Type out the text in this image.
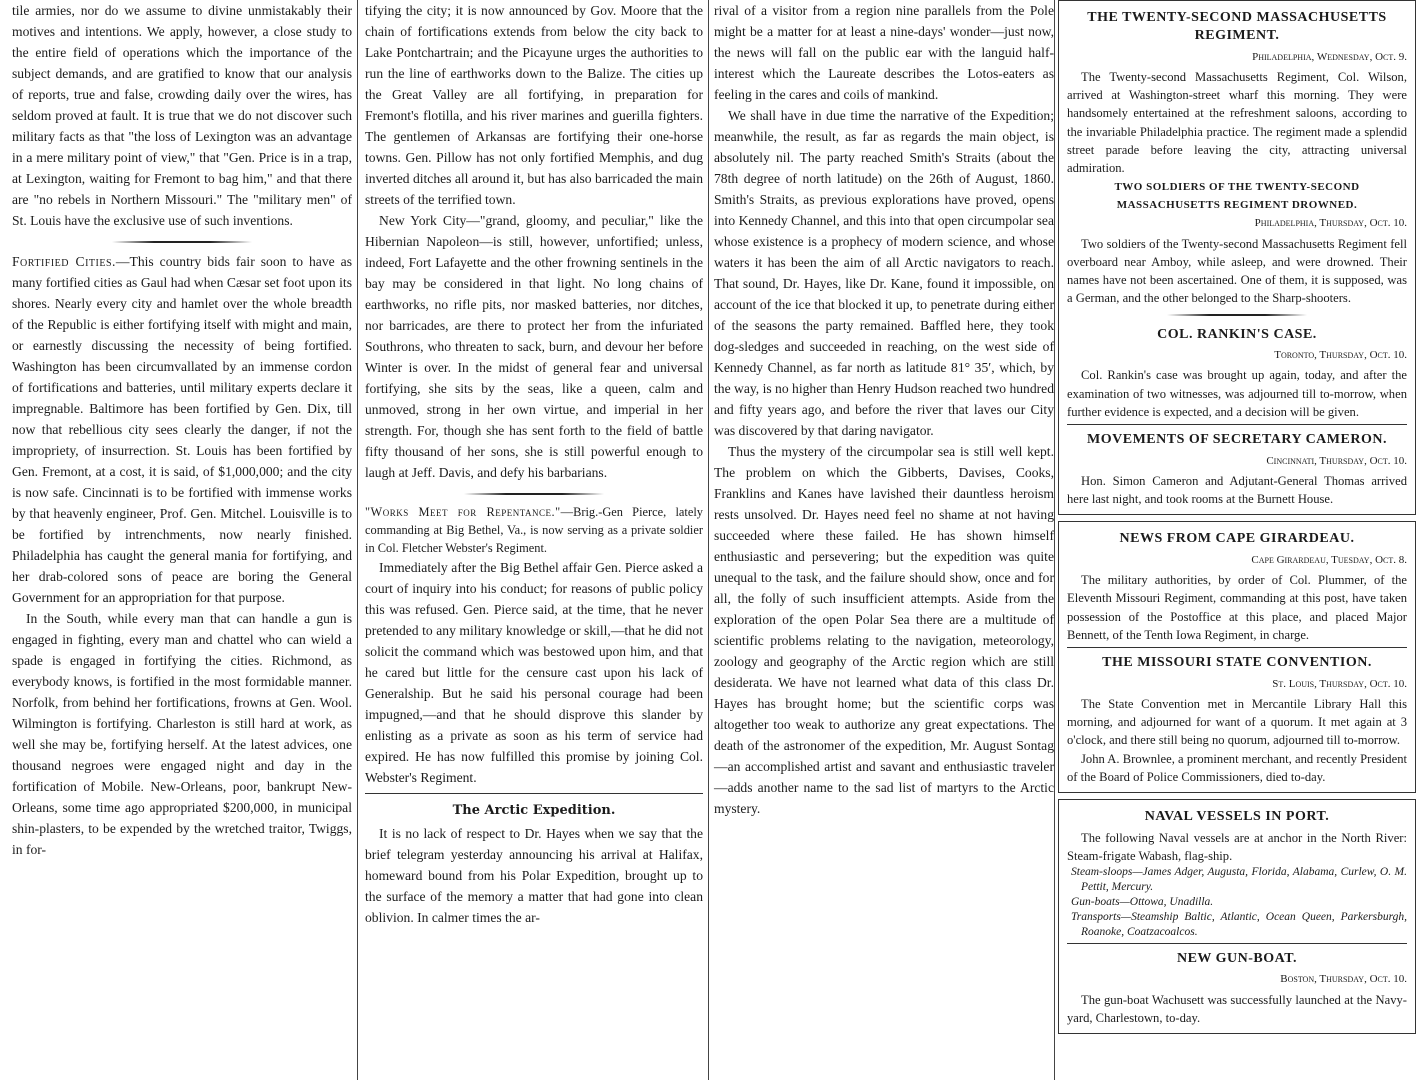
tile armies, nor do we assume to divine unmistakably their motives and intentions. We apply, however, a close study to the entire field of operations which the importance of the subject demands, and are gratified to know that our analysis of reports, true and false, crowding daily over the wires, has seldom proved at fault. It is true that we do not discover such military facts as that "the loss of Lexington was an advantage in a mere military point of view," that "Gen. Price is in a trap, at Lexington, waiting for Fremont to bag him," and that there are "no rebels in Northern Missouri." The "military men" of St. Louis have the exclusive use of such inventions.

Fortified Cities.—This country bids fair soon to have as many fortified cities as Gaul had when Cæsar set foot upon its shores. Nearly every city and hamlet over the whole breadth of the Republic is either fortifying itself with might and main, or earnestly discussing the necessity of being fortified. Washington has been circumvallated by an immense cordon of fortifications and batteries, until military experts declare it impregnable. Baltimore has been fortified by Gen. Dix, till now that rebellious city sees clearly the danger, if not the impropriety, of insurrection. St. Louis has been fortified by Gen. Fremont, at a cost, it is said, of $1,000,000; and the city is now safe. Cincinnati is to be fortified with immense works by that heavenly engineer, Prof. Gen. Mitchel. Louisville is to be fortified by intrenchments, now nearly finished. Philadelphia has caught the general mania for fortifying, and her drab-colored sons of peace are boring the General Government for an appropriation for that purpose.

In the South, while every man that can handle a gun is engaged in fighting, every man and chattel who can wield a spade is engaged in fortifying the cities. Richmond, as everybody knows, is fortified in the most formidable manner. Norfolk, from behind her fortifications, frowns at Gen. Wool. Wilmington is fortifying. Charleston is still hard at work, as well she may be, fortifying herself. At the latest advices, one thousand negroes were engaged night and day in the fortification of Mobile. New-Orleans, poor, bankrupt New-Orleans, some time ago appropriated $200,000, in municipal shin-plasters, to be expended by the wretched traitor, Twiggs, in for-

tifying the city; it is now announced by Gov. Moore that the chain of fortifications extends from below the city back to Lake Pontchartrain; and the Picayune urges the authorities to run the line of earthworks down to the Balize. The cities up the Great Valley are all fortifying, in preparation for Fremont's flotilla, and his river marines and guerilla fighters. The gentlemen of Arkansas are fortifying their one-horse towns. Gen. Pillow has not only fortified Memphis, and dug inverted ditches all around it, but has also barricaded the main streets of the terrified town.

New York City—"grand, gloomy, and peculiar," like the Hibernian Napoleon—is still, however, unfortified; unless, indeed, Fort Lafayette and the other frowning sentinels in the bay may be considered in that light. No long chains of earthworks, no rifle pits, nor masked batteries, nor ditches, nor barricades, are there to protect her from the infuriated Southrons, who threaten to sack, burn, and devour her before Winter is over. In the midst of general fear and universal fortifying, she sits by the seas, like a queen, calm and unmoved, strong in her own virtue, and imperial in her strength. For, though she has sent forth to the field of battle fifty thousand of her sons, she is still powerful enough to laugh at Jeff. Davis, and defy his barbarians.

"Works Meet for Repentance."—Brig.-Gen Pierce, lately commanding at Big Bethel, Va., is now serving as a private soldier in Col. Fletcher Webster's Regiment.

Immediately after the Big Bethel affair Gen. Pierce asked a court of inquiry into his conduct; for reasons of public policy this was refused. Gen. Pierce said, at the time, that he never pretended to any military knowledge or skill,—that he did not solicit the command which was bestowed upon him, and that he cared but little for the censure cast upon his lack of Generalship. But he said his personal courage had been impugned,—and that he should disprove this slander by enlisting as a private as soon as his term of service had expired. He has now fulfilled this promise by joining Col. Webster's Regiment.

The Arctic Expedition.

It is no lack of respect to Dr. Hayes when we say that the brief telegram yesterday announcing his arrival at Halifax, homeward bound from his Polar Expedition, brought up to the surface of the memory a matter that had gone into clean oblivion. In calmer times the ar-

rival of a visitor from a region nine parallels from the Pole might be a matter for at least a nine-days' wonder—just now, the news will fall on the public ear with the languid half-interest which the Laureate describes the Lotos-eaters as feeling in the cares and coils of mankind.

We shall have in due time the narrative of the Expedition; meanwhile, the result, as far as regards the main object, is absolutely nil. The party reached Smith's Straits (about the 78th degree of north latitude) on the 26th of August, 1860. Smith's Straits, as previous explorations have proved, opens into Kennedy Channel, and this into that open circumpolar sea whose existence is a prophecy of modern science, and whose waters it has been the aim of all Arctic navigators to reach. That sound, Dr. Hayes, like Dr. Kane, found it impossible, on account of the ice that blocked it up, to penetrate during either of the seasons the party remained. Baffled here, they took dog-sledges and succeeded in reaching, on the west side of Kennedy Channel, as far north as latitude 81° 35′, which, by the way, is no higher than Henry Hudson reached two hundred and fifty years ago, and before the river that laves our City was discovered by that daring navigator.

Thus the mystery of the circumpolar sea is still well kept. The problem on which the Gibberts, Davises, Cooks, Franklins and Kanes have lavished their dauntless heroism rests unsolved. Dr. Hayes need feel no shame at not having succeeded where these failed. He has shown himself enthusiastic and persevering; but the expedition was quite unequal to the task, and the failure should show, once and for all, the folly of such insufficient attempts. Aside from the exploration of the open Polar Sea there are a multitude of scientific problems relating to the navigation, meteorology, zoology and geography of the Arctic region which are still desiderata. We have not learned what data of this class Dr. Hayes has brought home; but the scientific corps was altogether too weak to authorize any great expectations. The death of the astronomer of the expedition, Mr. August Sontag—an accomplished artist and savant and enthusiastic traveler—adds another name to the sad list of martyrs to the Arctic mystery.

THE TWENTY-SECOND MASSACHUSETTS REGIMENT.
Philadelphia, Wednesday, Oct. 9.

The Twenty-second Massachusetts Regiment, Col. Wilson, arrived at Washington-street wharf this morning. They were handsomely entertained at the refreshment saloons, according to the invariable Philadelphia practice. The regiment made a splendid street parade before leaving the city, attracting universal admiration.

TWO SOLDIERS OF THE TWENTY-SECOND MASSACHUSETTS REGIMENT DROWNED.
Philadelphia, Thursday, Oct. 10.

Two soldiers of the Twenty-second Massachusetts Regiment fell overboard near Amboy, while asleep, and were drowned. Their names have not been ascertained. One of them, it is supposed, was a German, and the other belonged to the Sharp-shooters.

COL. RANKIN'S CASE.
Toronto, Thursday, Oct. 10.

Col. Rankin's case was brought up again, today, and after the examination of two witnesses, was adjourned till to-morrow, when further evidence is expected, and a decision will be given.

MOVEMENTS OF SECRETARY CAMERON.
Cincinnati, Thursday, Oct. 10.

Hon. Simon Cameron and Adjutant-General Thomas arrived here last night, and took rooms at the Burnett House.

NEWS FROM CAPE GIRARDEAU.
Cape Girardeau, Tuesday, Oct. 8.

The military authorities, by order of Col. Plummer, of the Eleventh Missouri Regiment, commanding at this post, have taken possession of the Postoffice at this place, and placed Major Bennett, of the Tenth Iowa Regiment, in charge.

THE MISSOURI STATE CONVENTION.
St. Louis, Thursday, Oct. 10.

The State Convention met in Mercantile Library Hall this morning, and adjourned for want of a quorum. It met again at 3 o'clock, and there still being no quorum, adjourned till to-morrow.

John A. Brownlee, a prominent merchant, and recently President of the Board of Police Commissioners, died to-day.

NAVAL VESSELS IN PORT.

The following Naval vessels are at anchor in the North River: Steam-frigate Wabash, flag-ship.

Steam-sloops—James Adger, Augusta, Florida, Alabama, Curlew, O. M. Pettit, Mercury.

Gun-boats—Ottowa, Unadilla.

Transports—Steamship Baltic, Atlantic, Ocean Queen, Parkersburgh, Roanoke, Coatzacoalcos.

NEW GUN-BOAT.
Boston, Thursday, Oct. 10.

The gun-boat Wachusett was successfully launched at the Navy-yard, Charlestown, to-day.
